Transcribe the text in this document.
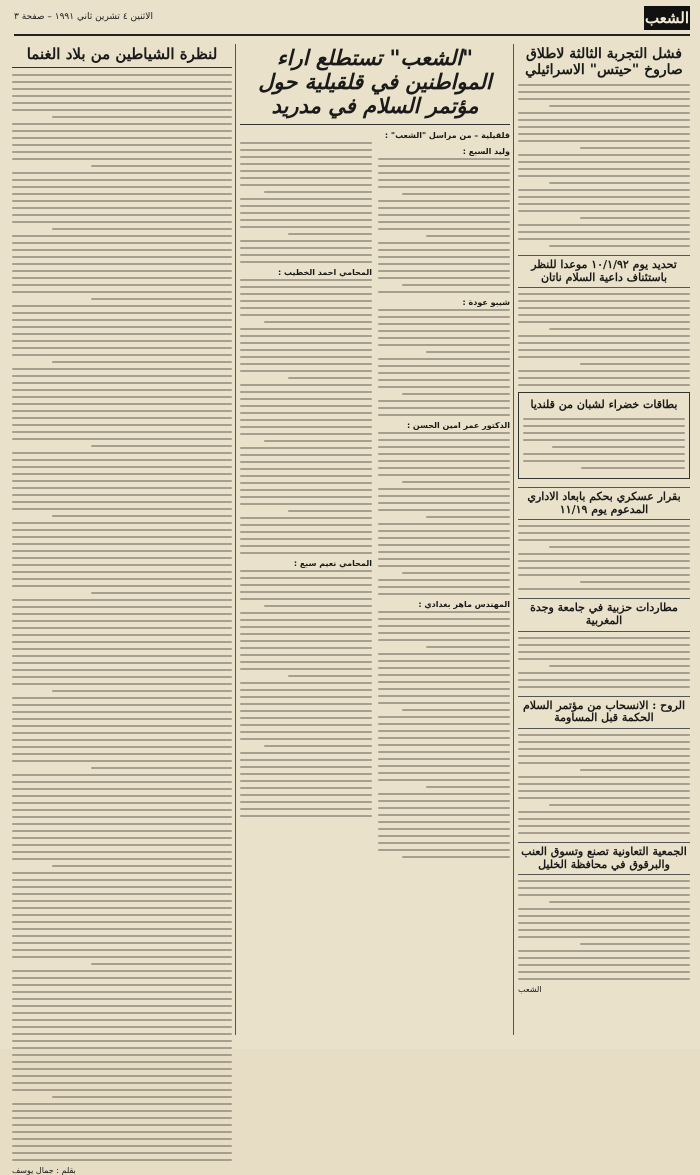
الشعب
الاثنين ٤ تشرين ثاني ١٩٩١ – صفحة ٣
فشل التجربة الثالثة لاطلاق صاروخ "حيتس" الاسرائيلي
تحديد يوم ١٠/١/٩٢ موعدا للنظر باستئناف داعية السلام ناتان
بطاقات خضراء لشبان من قلنديا
بقرار عسكري بحكم بابعاد الاداري المدعوم يوم ١١/١٩
مطاردات حزبية في جامعة وجدة المغربية
الروح : الانسحاب من مؤتمر السلام الحكمة قبل المساومة
الجمعية التعاونية تصنع وتسوق العنب والبرقوق في محافظة الخليل
الشعب
"الشعب" تستطلع اراء المواطنين في قلقيلية حول مؤتمر السلام في مدريد
قلقيلية – من مراسل "الشعب" :
وليد السبع :
شيبو عودة :
الدكتور عمر امين الحسن :
المهندس ماهر بغدادي :
المحامي احمد الخطيب :
المحامي نعيم سبع :
لنظرة الشياطين من بلاد الغنما
بقلم : جمال يوسف
